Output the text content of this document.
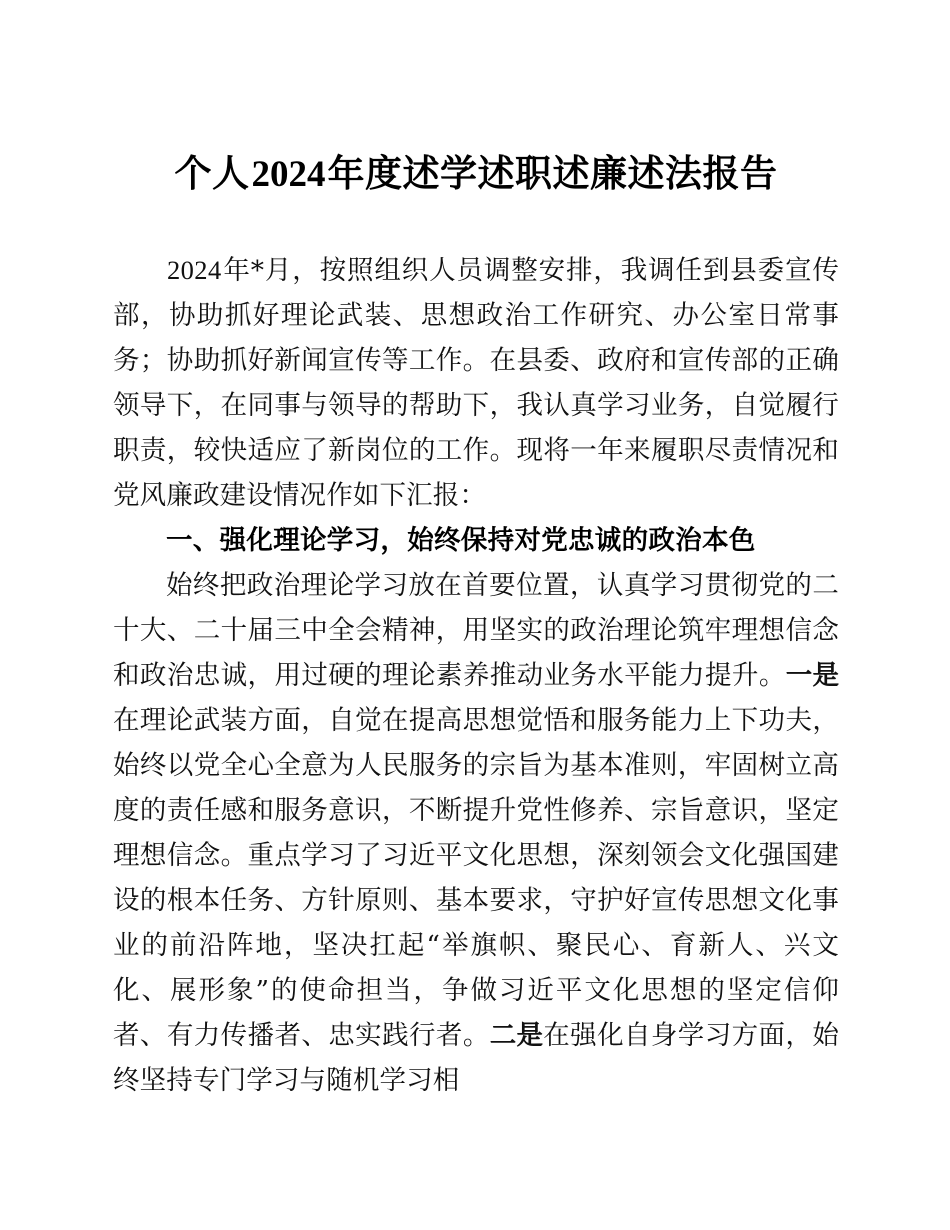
个人2024年度述学述职述廉述法报告

2024年*月，按照组织人员调整安排，我调任到县委宣传部，协助抓好理论武装、思想政治工作研究、办公室日常事务；协助抓好新闻宣传等工作。在县委、政府和宣传部的正确领导下，在同事与领导的帮助下，我认真学习业务，自觉履行职责，较快适应了新岗位的工作。现将一年来履职尽责情况和党风廉政建设情况作如下汇报：

一、强化理论学习，始终保持对党忠诚的政治本色

始终把政治理论学习放在首要位置，认真学习贯彻党的二十大、二十届三中全会精神，用坚实的政治理论筑牢理想信念和政治忠诚，用过硬的理论素养推动业务水平能力提升。一是在理论武装方面，自觉在提高思想觉悟和服务能力上下功夫，始终以党全心全意为人民服务的宗旨为基本准则，牢固树立高度的责任感和服务意识，不断提升党性修养、宗旨意识，坚定理想信念。重点学习了习近平文化思想，深刻领会文化强国建设的根本任务、方针原则、基本要求，守护好宣传思想文化事业的前沿阵地，坚决扛起“举旗帜、聚民心、育新人、兴文化、展形象”的使命担当，争做习近平文化思想的坚定信仰者、有力传播者、忠实践行者。二是在强化自身学习方面，始终坚持专门学习与随机学习相
